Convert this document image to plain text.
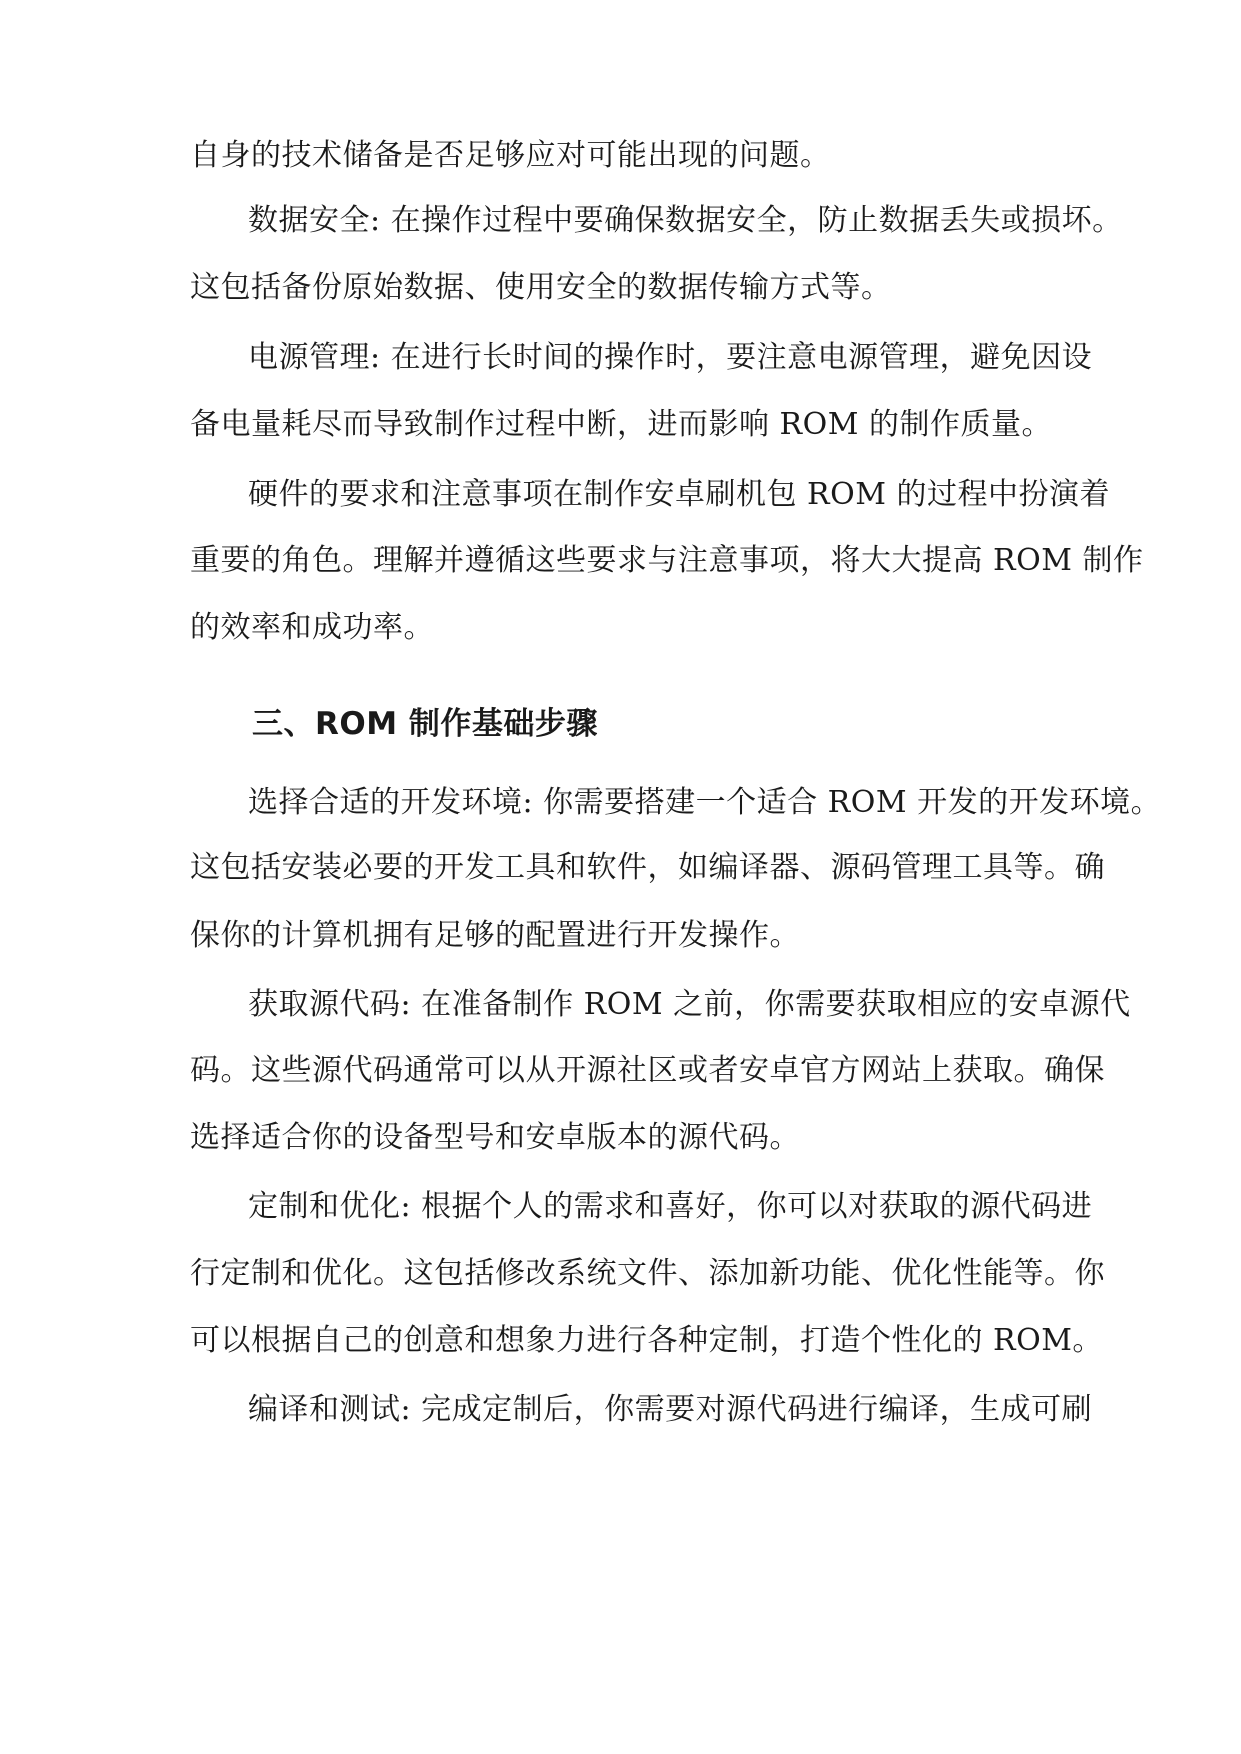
自身的技术储备是否足够应对可能出现的问题。
数据安全: 在操作过程中要确保数据安全，防止数据丢失或损坏。
这包括备份原始数据、使用安全的数据传输方式等。
电源管理: 在进行长时间的操作时，要注意电源管理，避免因设
备电量耗尽而导致制作过程中断，进而影响 ROM 的制作质量。
硬件的要求和注意事项在制作安卓刷机包 ROM 的过程中扮演着
重要的角色。理解并遵循这些要求与注意事项，将大大提高 ROM 制作
的效率和成功率。
三、ROM 制作基础步骤
选择合适的开发环境: 你需要搭建一个适合 ROM 开发的开发环境。
这包括安装必要的开发工具和软件，如编译器、源码管理工具等。确
保你的计算机拥有足够的配置进行开发操作。
获取源代码: 在准备制作 ROM 之前，你需要获取相应的安卓源代
码。这些源代码通常可以从开源社区或者安卓官方网站上获取。确保
选择适合你的设备型号和安卓版本的源代码。
定制和优化: 根据个人的需求和喜好，你可以对获取的源代码进
行定制和优化。这包括修改系统文件、添加新功能、优化性能等。你
可以根据自己的创意和想象力进行各种定制，打造个性化的 ROM。
编译和测试: 完成定制后，你需要对源代码进行编译，生成可刷
